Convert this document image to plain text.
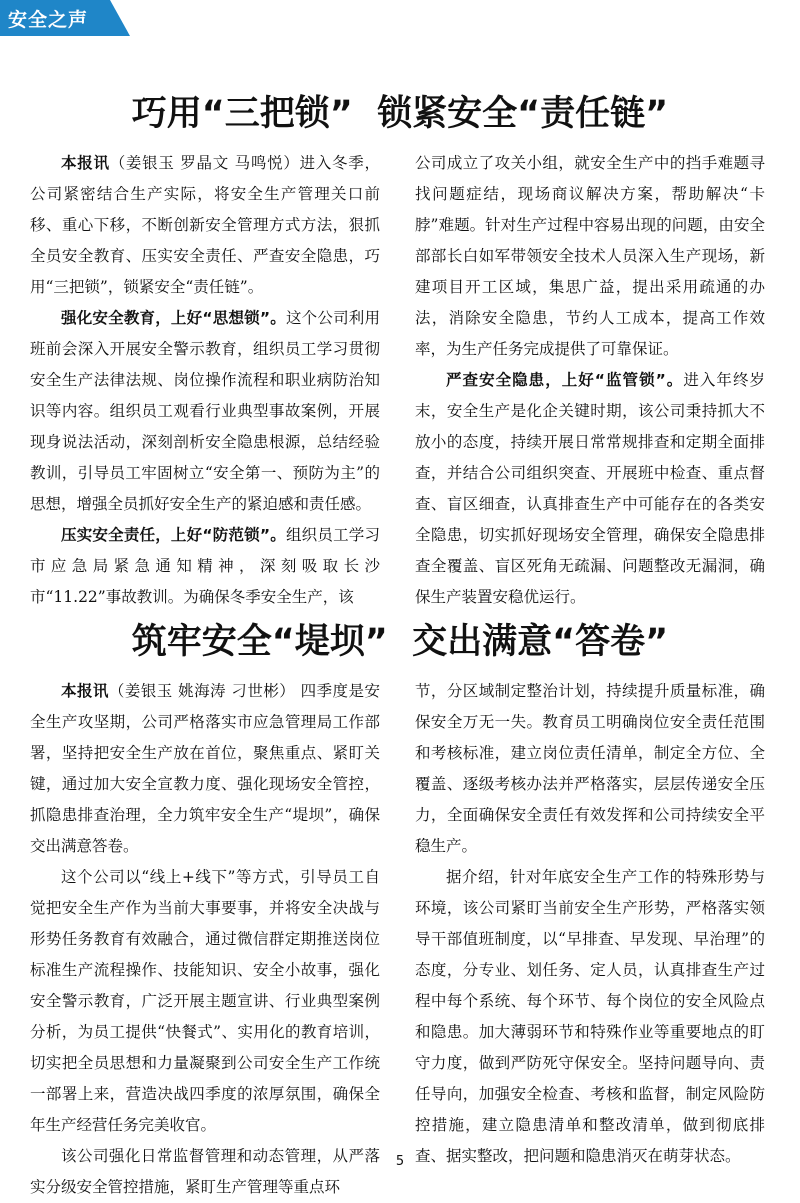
安全之声
巧用“三把锁”  锁紧安全“责任链”

本报讯（姜银玉 罗晶文 马鸣悦）进入冬季，公司紧密结合生产实际，将安全生产管理关口前移、重心下移，不断创新安全管理方式方法，狠抓全员安全教育、压实安全责任、严查安全隐患，巧用“三把锁”，锁紧安全“责任链”。

强化安全教育，上好“思想锁”。这个公司利用班前会深入开展安全警示教育，组织员工学习贯彻安全生产法律法规、岗位操作流程和职业病防治知识等内容。组织员工观看行业典型事故案例，开展现身说法活动，深刻剖析安全隐患根源，总结经验教训，引导员工牢固树立“安全第一、预防为主”的思想，增强全员抓好安全生产的紧迫感和责任感。

压实安全责任，上好“防范锁”。组织员工学习市应急局紧急通知精神，深刻吸取长沙市“11.22”事故教训。为确保冬季安全生产，该

公司成立了攻关小组，就安全生产中的挡手难题寻找问题症结，现场商议解决方案，帮助解决“卡脖”难题。针对生产过程中容易出现的问题，由安全部部长白如军带领安全技术人员深入生产现场，新建项目开工区域，集思广益，提出采用疏通的办法，消除安全隐患，节约人工成本，提高工作效率，为生产任务完成提供了可靠保证。

严查安全隐患，上好“监管锁”。进入年终岁末，安全生产是化企关键时期，该公司秉持抓大不放小的态度，持续开展日常常规排查和定期全面排查，并结合公司组织突查、开展班中检查、重点督查、盲区细查，认真排查生产中可能存在的各类安全隐患，切实抓好现场安全管理，确保安全隐患排查全覆盖、盲区死角无疏漏、问题整改无漏洞，确保生产装置安稳优运行。

筑牢安全“堤坝”  交出满意“答卷”

本报讯（姜银玉 姚海涛 刁世彬） 四季度是安全生产攻坚期，公司严格落实市应急管理局工作部署，坚持把安全生产放在首位，聚焦重点、紧盯关键，通过加大安全宣教力度、强化现场安全管控，抓隐患排查治理，全力筑牢安全生产“堤坝”，确保交出满意答卷。

这个公司以“线上+线下”等方式，引导员工自觉把安全生产作为当前大事要事，并将安全决战与形势任务教育有效融合，通过微信群定期推送岗位标准生产流程操作、技能知识、安全小故事，强化安全警示教育，广泛开展主题宣讲、行业典型案例分析，为员工提供“快餐式”、实用化的教育培训，切实把全员思想和力量凝聚到公司安全生产工作统一部署上来，营造决战四季度的浓厚氛围，确保全年生产经营任务完美收官。

该公司强化日常监督管理和动态管理，从严落实分级安全管控措施，紧盯生产管理等重点环

节，分区域制定整治计划，持续提升质量标准，确保安全万无一失。教育员工明确岗位安全责任范围和考核标准，建立岗位责任清单，制定全方位、全覆盖、逐级考核办法并严格落实，层层传递安全压力，全面确保安全责任有效发挥和公司持续安全平稳生产。

据介绍，针对年底安全生产工作的特殊形势与环境，该公司紧盯当前安全生产形势，严格落实领导干部值班制度，以“早排查、早发现、早治理”的态度，分专业、划任务、定人员，认真排查生产过程中每个系统、每个环节、每个岗位的安全风险点和隐患。加大薄弱环节和特殊作业等重要地点的盯守力度，做到严防死守保安全。坚持问题导向、责任导向，加强安全检查、考核和监督，制定风险防控措施，建立隐患清单和整改清单，做到彻底排查、据实整改，把问题和隐患消灭在萌芽状态。

5
